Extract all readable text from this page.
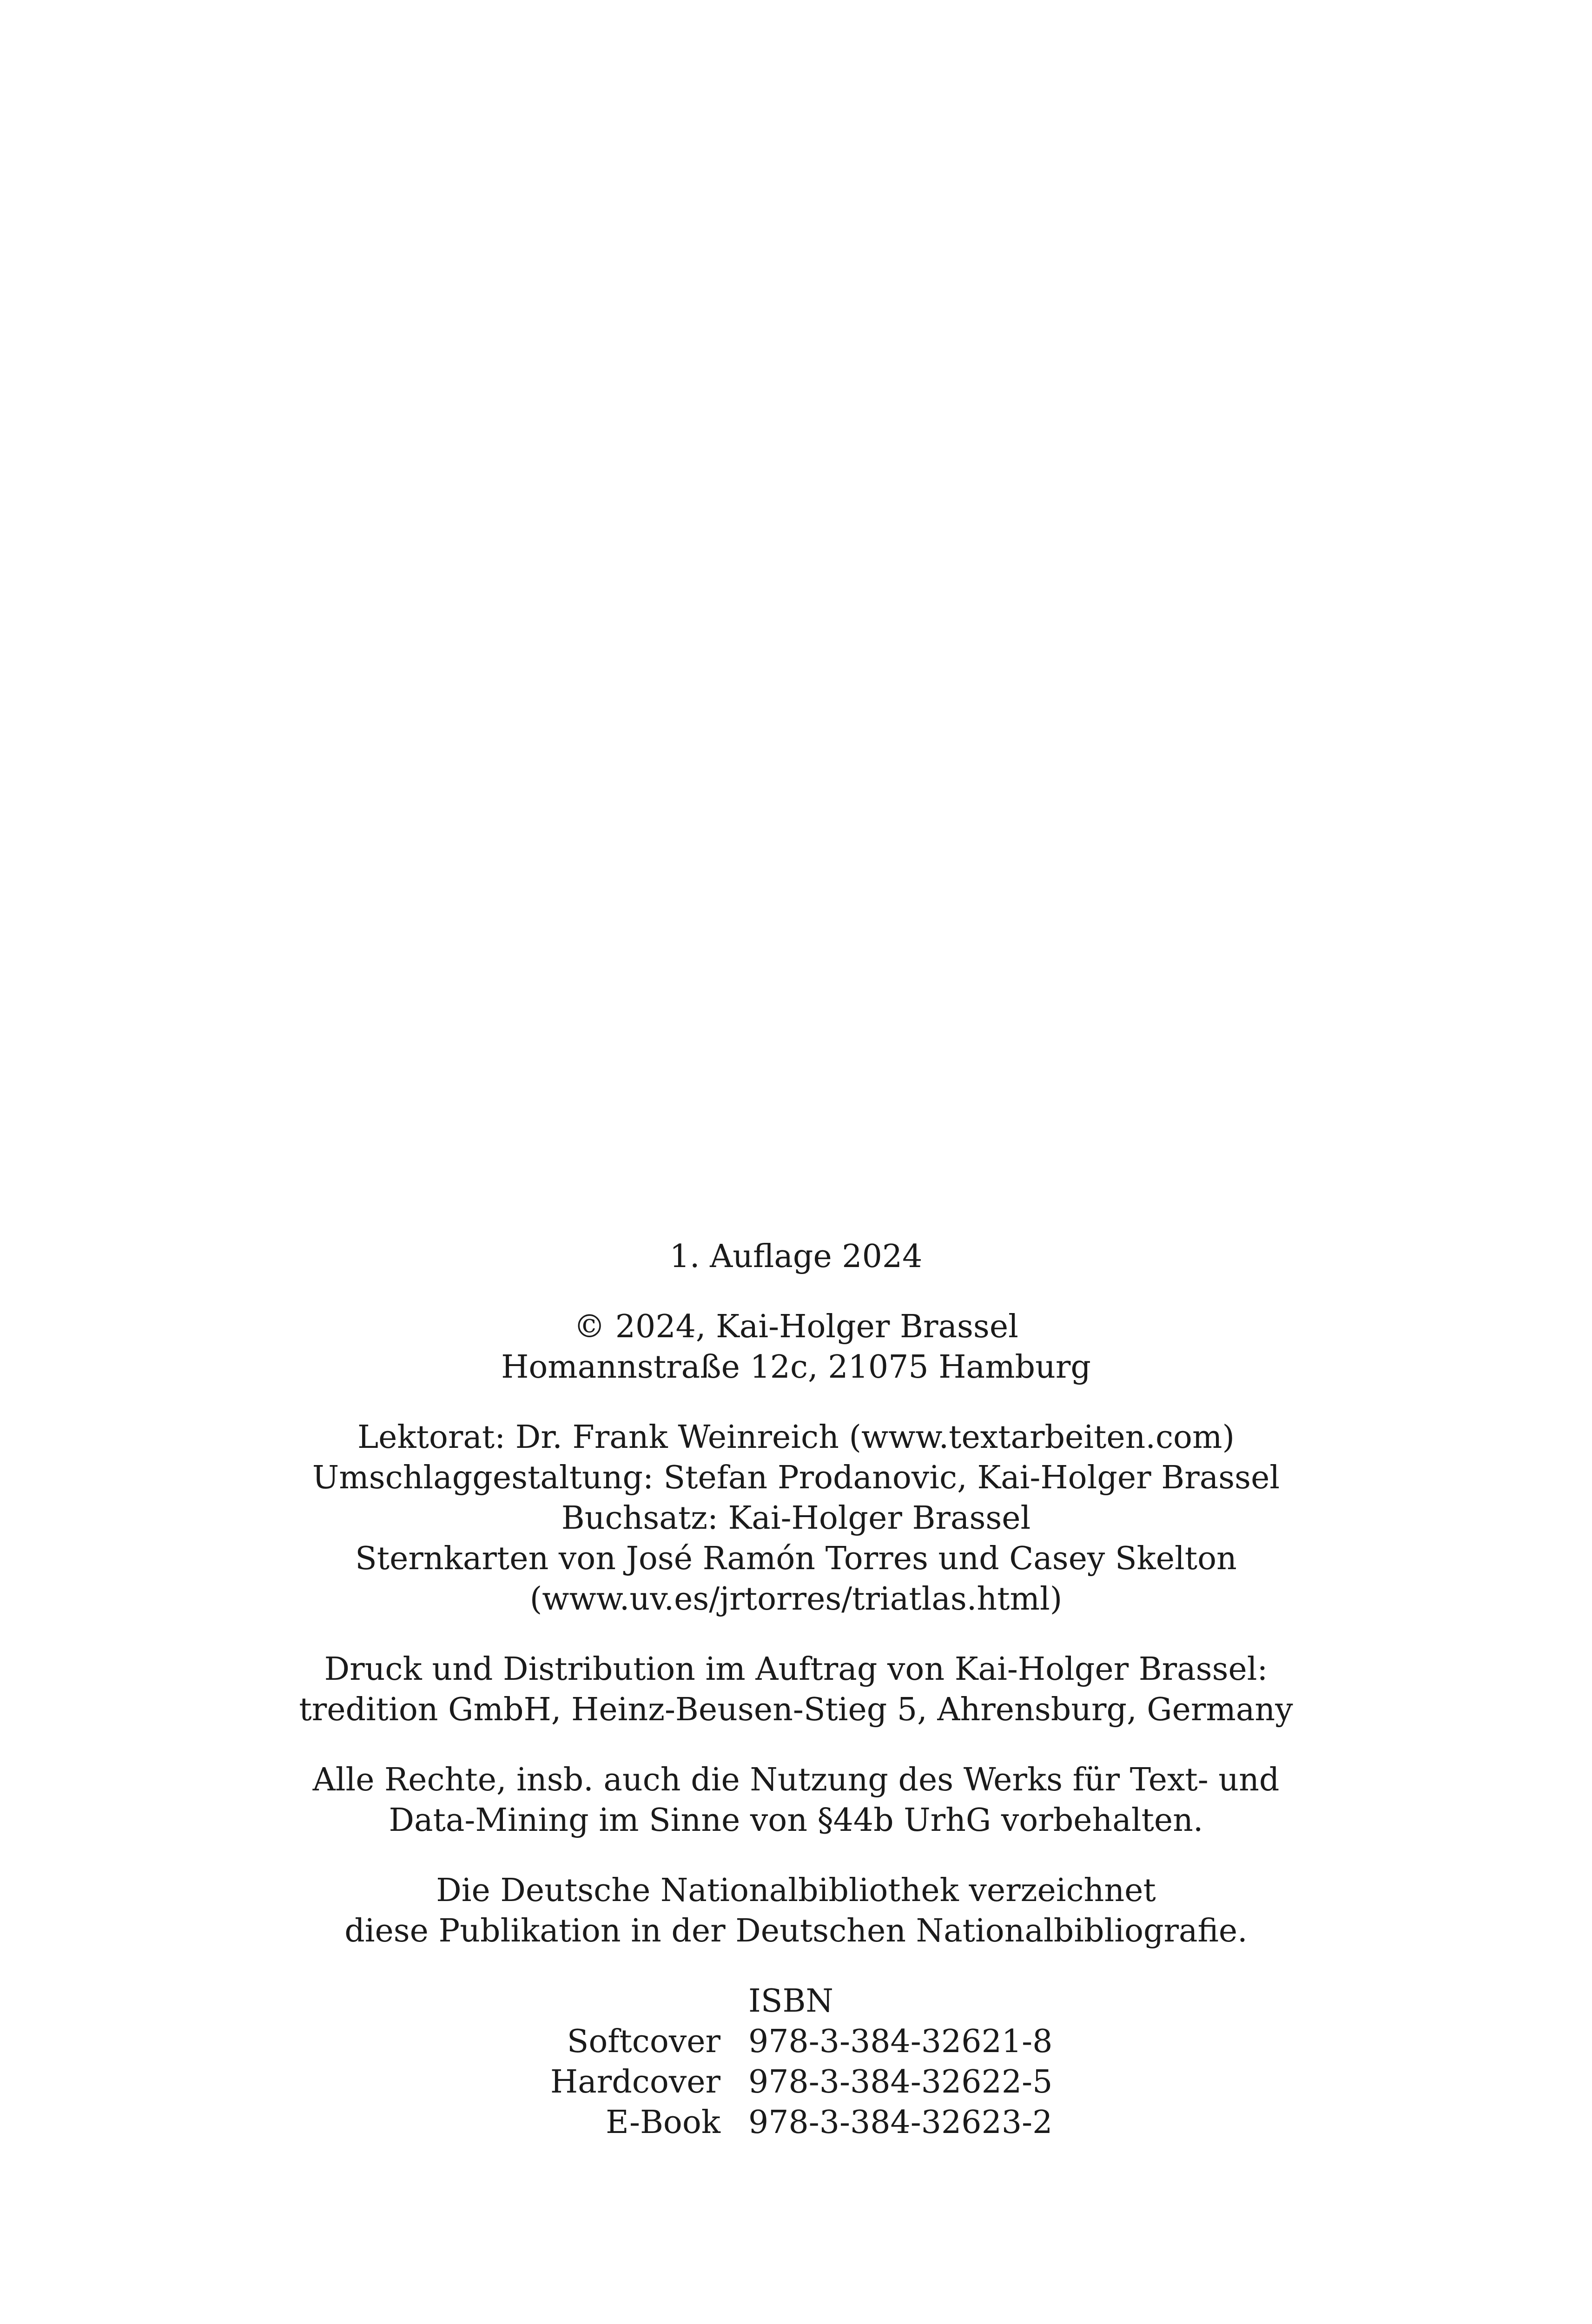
1. Auflage 2024
© 2024, Kai-Holger Brassel
Homannstraße 12c, 21075 Hamburg
Lektorat: Dr. Frank Weinreich (www.textarbeiten.com)
Umschlaggestaltung: Stefan Prodanovic, Kai-Holger Brassel
Buchsatz: Kai-Holger Brassel
Sternkarten von José Ramón Torres und Casey Skelton
(www.uv.es/jrtorres/triatlas.html)
Druck und Distribution im Auftrag von Kai-Holger Brassel:
tredition GmbH, Heinz-Beusen-Stieg 5, Ahrensburg, Germany
Alle Rechte, insb. auch die Nutzung des Werks für Text- und
Data-Mining im Sinne von §44b UrhG vorbehalten.
Die Deutsche Nationalbibliothek verzeichnet
diese Publikation in der Deutschen Nationalbibliografie.
ISBN
Softcover 978-3-384-32621-8
Hardcover 978-3-384-32622-5
E-Book 978-3-384-32623-2
